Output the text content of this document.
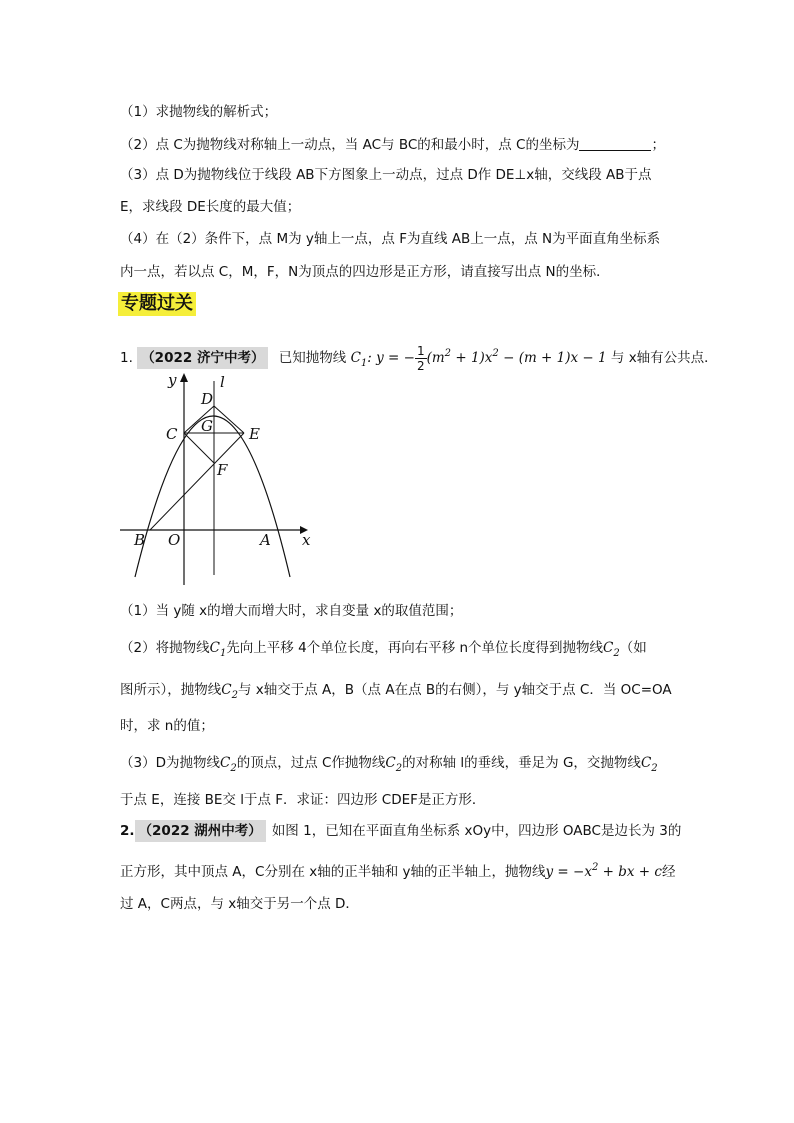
（1）求抛物线的解析式；
（2）点 C为抛物线对称轴上一动点，当 AC与 BC的和最小时，点 C的坐标为	；
（3）点 D为抛物线位于线段 AB下方图象上一动点，过点 D作 DE⊥x轴，交线段 AB于点
E，求线段 DE长度的最大值；
（4）在（2）条件下，点 M为 y轴上一点，点 F为直线 AB上一点，点 N为平面直角坐标系
内一点，若以点 C，M，F，N为顶点的四边形是正方形，请直接写出点 N的坐标．
专题过关
1. （2022 济宁中考） 已知抛物线 $C_1$: y = − $\frac{1}{2} (m^2 + 1)x^2 - (m + 1)x - 1$ 与 x轴有公共点．
y	l
D
C G E
F
B O	A x
（1）当 y随 x的增大而增大时，求自变量 x的取值范围；
（2）将抛物线$C_1$先向上平移 4个单位长度，再向右平移 n个单位长度得到抛物线$C_2$（如
图所示），抛物线$C_2$与 x轴交于点 A，B（点 A在点 B的右侧），与 y轴交于点 C．当 OC=OA
时，求 n的值；
（3）D为抛物线$C_2$的顶点，过点 C作抛物线$C_2$的对称轴 l的垂线，垂足为 G，交抛物线$C_2$
于点 E，连接 BE交 l于点 F．求证：四边形 CDEF是正方形．
2. （2022 湖州中考） 如图 1，已知在平面直角坐标系 xOy中，四边形 OABC是边长为 3的
正方形，其中顶点 A，C分别在 x轴的正半轴和 y轴的正半轴上，抛物线$y = -x^2$ + bx + c经
过 A，C两点，与 x轴交于另一个点 D．
